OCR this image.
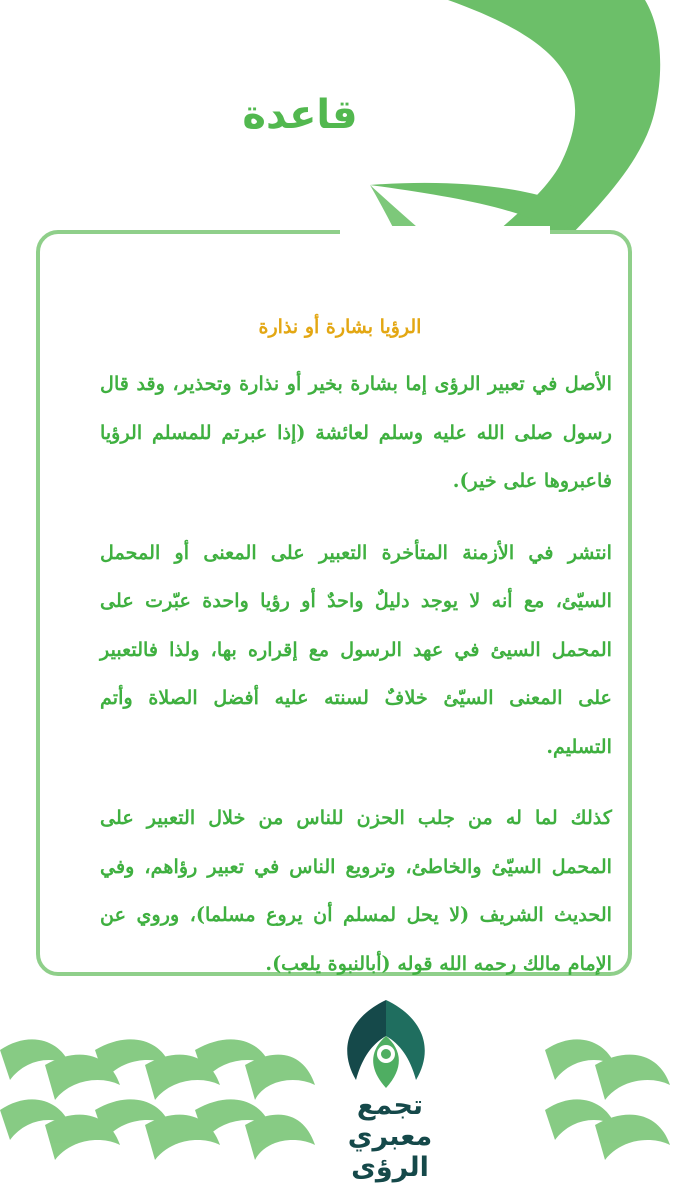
قاعدة
الرؤيا بشارة أو نذارة

الأصل في تعبير الرؤى إما بشارة بخير أو نذارة وتحذير، وقد قال رسول صلى الله عليه وسلم لعائشة (إذا عبرتم للمسلم الرؤيا فاعبروها على خير).

انتشر في الأزمنة المتأخرة التعبير على المعنى أو المحمل السيّئ، مع أنه لا يوجد دليلٌ واحدٌ أو رؤيا واحدة عبّرت على المحمل السيئ في عهد الرسول مع إقراره بها، ولذا فالتعبير على المعنى السيّئ خلافٌ لسنته عليه أفضل الصلاة وأتم التسليم.

كذلك لما له من جلب الحزن للناس من خلال التعبير على المحمل السيّئ والخاطئ، وترويع الناس في تعبير رؤاهم، وفي الحديث الشريف (لا يحل لمسلم أن يروع مسلما)، وروي عن الإمام مالك رحمه الله قوله (أبالنبوة يلعب).

تجمع معبري الرؤى
